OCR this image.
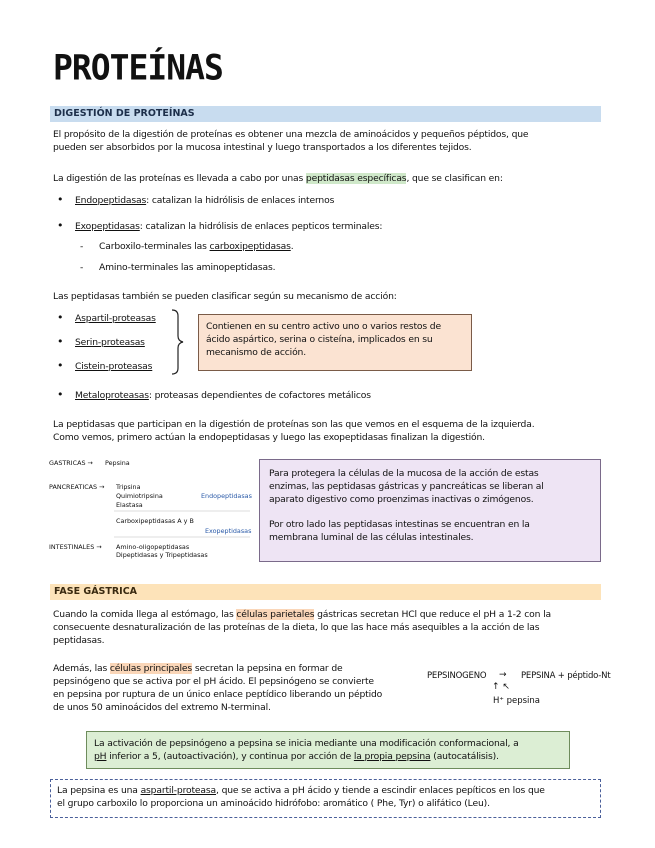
PROTEÍNAS
DIGESTIÓN DE PROTEÍNAS
El propósito de la digestión de proteínas es obtener una mezcla de aminoácidos y pequeños péptidos, que
pueden ser absorbidos por la mucosa intestinal y luego transportados a los diferentes tejidos.
La digestión de las proteínas es llevada a cabo por unas peptidasas específicas, que se clasifican en:
• Endopeptidasas: catalizan la hidrólisis de enlaces internos
• Exopeptidasas: catalizan la hidrólisis de enlaces pepticos terminales:
- Carboxilo-terminales las carboxipeptidasas.
- Amino-terminales las aminopeptidasas.
Las peptidasas también se pueden clasificar según su mecanismo de acción:
• Aspartil-proteasas
• Serin-proteasas
• Cistein-proteasas
Contienen en su centro activo uno o varios restos de
ácido aspártico, serina o cisteína, implicados en su
mecanismo de acción.
• Metaloproteasas: proteasas dependientes de cofactores metálicos
La peptidasas que participan en la digestión de proteínas son las que vemos en el esquema de la izquierda.
Como vemos, primero actúan la endopeptidasas y luego las exopeptidasas finalizan la digestión.
GASTRICAS → Pepsina
PANCREATICAS → Tripsina
Quimiotripsina
Elastasa
Endopeptidasas
Carboxipeptidasas A y B
Exopeptidasas
INTESTINALES → Amino-oligopeptidasas
Dipeptidasas y Tripeptidasas
Para protegera la células de la mucosa de la acción de estas
enzimas, las peptidasas gástricas y pancreáticas se liberan al
aparato digestivo como proenzimas inactivas o zimógenos.
Por otro lado las peptidasas intestinas se encuentran en la
membrana luminal de las células intestinales.
FASE GÁSTRICA
Cuando la comida llega al estómago, las células parietales gástricas secretan HCl que reduce el pH a 1-2 con la
consecuente desnaturalización de las proteínas de la dieta, lo que las hace más asequibles a la acción de las
peptidasas.
Además, las células principales secretan la pepsina en formar de
pepsinógeno que se activa por el pH ácido. El pepsinógeno se convierte
en pepsina por ruptura de un único enlace peptídico liberando un péptido
de unos 50 aminoácidos del extremo N-terminal.
PEPSINOGENO → PEPSINA + péptido-Nt
↑ ↖
H⁺ pepsina
La activación de pepsinógeno a pepsina se inicia mediante una modificación conformacional, a
pH inferior a 5, (autoactivación), y continua por acción de la propia pepsina (autocatálisis).
La pepsina es una aspartil-proteasa, que se activa a pH ácido y tiende a escindir enlaces pepíticos en los que
el grupo carboxilo lo proporciona un aminoácido hidrófobo: aromático ( Phe, Tyr) o alifático (Leu).
